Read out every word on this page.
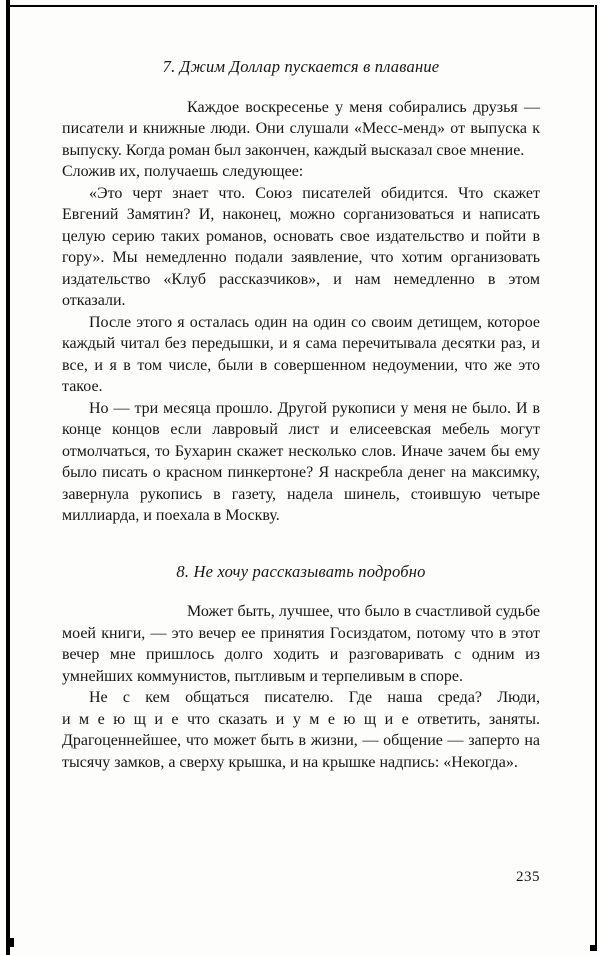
7. Джим Доллар пускается в плавание

Каждое воскресенье у меня собирались друзья — писатели и книжные люди. Они слушали «Месс-менд» от выпуска к выпуску. Когда роман был закончен, каждый высказал свое мнение.

Сложив их, получаешь следующее:

«Это черт знает что. Союз писателей обидится. Что скажет Евгений Замятин? И, наконец, можно сорганизоваться и написать целую серию таких романов, основать свое издательство и пойти в гору». Мы немедленно подали заявление, что хотим организовать издательство «Клуб рассказчиков», и нам немедленно в этом отказали.

После этого я осталась один на один со своим детищем, которое каждый читал без передышки, и я сама перечитывала десятки раз, и все, и я в том числе, были в совершенном недоумении, что же это такое.

Но — три месяца прошло. Другой рукописи у меня не было. И в конце концов если лавровый лист и елисеевская мебель могут отмолчаться, то Бухарин скажет несколько слов. Иначе зачем бы ему было писать о красном пинкертоне? Я наскребла денег на максимку, завернула рукопись в газету, надела шинель, стоившую четыре миллиарда, и поехала в Москву.

8. Не хочу рассказывать подробно

Может быть, лучшее, что было в счастливой судьбе моей книги, — это вечер ее принятия Госиздатом, потому что в этот вечер мне пришлось долго ходить и разговаривать с одним из умнейших коммунистов, пытливым и терпеливым в споре.

Не с кем общаться писателю. Где наша среда? Люди, и м е ю щ и е что сказать и у м е ю щ и е ответить, заняты. Драгоценнейшее, что может быть в жизни, — общение — заперто на тысячу замков, а сверху крышка, и на крышке надпись: «Некогда».

235
